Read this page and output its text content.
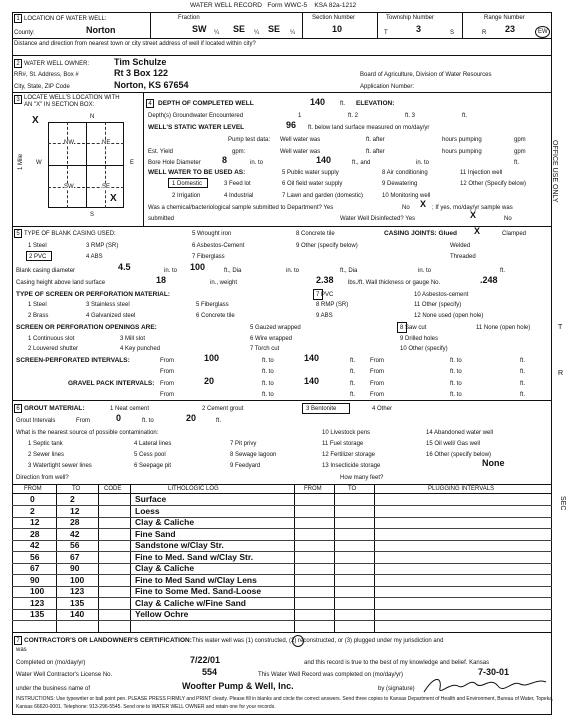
WATER WELL RECORD Form WWC-5 KSA 82a-1212
1 LOCATION OF WATER WELL:
County:	Norton
Fraction
SW ¼ SE ¼ SE ¼
Section Number
10
Township Number
T	3	S
Range Number
R 23	EW
Distance and direction from nearest town or city street address of well if located within city?
2 WATER WELL OWNER:	Tim Schulze
RR#, St. Address, Box #	Rt 3 Box 122
City, State, ZIP Code	Norton, KS 67654
Board of Agriculture, Division of Water Resources
Application Number:
3 LOCATE WELL'S LOCATION WITH
AN "X" IN SECTION BOX:
X	N
S
W	E
NW	NE
SW	SE
X
1 Mile
4 DEPTH OF COMPLETED WELL	140 ft. ELEVATION:
Depth(s) Groundwater Encountered	1	ft. 2	ft. 3	ft.
WELL'S STATIC WATER LEVEL	96 ft. below land surface measured on mo/day/yr
Pump test data: Well water was	ft. after	hours pumping	gpm
Est. Yield	gpm:	Well water was	ft. after	hours pumping	gpm
Bore Hole Diameter 8	in. to	140	ft., and	in. to	ft.
WELL WATER TO BE USED AS:
1 Domestic	3 Feed lot
5 Public water supply	8 Air conditioning	11 Injection well
2 Irrigation	4 Industrial
6 Oil field water supply
7 Lawn and garden (domestic)
9 Dewatering
10 Monitoring well
12 Other (Specify below)
Was a chemical/bacteriological sample submitted to Department? Yes	No X ; If yes, mo/day/yr sample was
submitted	Water Well Disinfected? Yes	X	No
5 TYPE OF BLANK CASING USED:
1 Steel
2 PVC
3 RMP (SR)
4 ABS
5 Wrought iron
6 Asbestos-Cement
7 Fiberglass
8 Concrete tile
9 Other (specify below)
CASING JOINTS: Glued X	Clamped
Welded
Threaded
Blank casing diameter	4.5	in. to 100	ft., Dia	in. to	ft., Dia	in. to	ft.
Casing height above land surface	18	in., weight	2.38 lbs./ft. Wall thickness or gauge No.	.248
TYPE OF SCREEN OR PERFORATION MATERIAL:	7 PVC	10 Asbestos-cement
1 Steel
2 Brass
3 Stainless steel
4 Galvanized steel
5 Fiberglass
6 Concrete tile
8 RMP (SR)
9 ABS
11 Other (specify)
12 None used (open hole)
SCREEN OR PERFORATION OPENINGS ARE:
1 Continuous slot
2 Louvered shutter
3 Mill slot
4 Key punched
5 Gauzed wrapped
6 Wire wrapped
7 Torch cut
8 Saw cut
9 Drilled holes
10 Other (specify)
11 None (open hole)
SCREEN-PERFORATED INTERVALS:	From	100	ft. to	140	ft. From	ft. to	ft.
From	ft. to	ft. From	ft. to	ft.
GRAVEL PACK INTERVALS: From	20	ft. to	140	ft. From	ft. to	ft.
From	ft. to	ft. From	ft. to	ft.
6 GROUT MATERIAL:	1 Neat cement	2 Cement grout	3 Bentonite	4 Other
Grout Intervals	From	0	ft. to	20	ft.
What is the nearest source of possible contamination:
1 Septic tank
2 Sewer lines
3 Watertight sewer lines
4 Lateral lines
5 Cess pool
6 Seepage pit
7 Pit privy
8 Sewage lagoon
9 Feedyard
10 Livestock pens
11 Fuel storage
12 Fertilizer storage
13 Insecticide storage
14 Abandoned water well
15 Oil well/ Gas well
16 Other (specify below)
None
Direction from well?	How many feet?
FROM	TO	CODE	LITHOLOGIC LOG	FROM	TO	PLUGGING INTERVALS
0	2	Surface
2	12	Loess
12	28	Clay & Caliche
28	42	Fine Sand
42	56	Sandstone w/Clay Str.
56	67	Fine to Med. Sand w/Clay Str.
67	90	Clay & Caliche
90	100	Fine to Med Sand w/Clay Lens
100	123	Fine to Some Med. Sand-Loose
123	135	Clay & Caliche w/Fine Sand
135	140	Yellow Ochre
7 CONTRACTOR'S OR LANDOWNER'S CERTIFICATION: This water well was (1) constructed, (2) reconstructed, or (3) plugged under my jurisdiction and
was
Completed on (mo/day/yr)	7/22/01	and this record is true to the best of my knowledge and belief. Kansas
Water Well Contractor's License No.	554	This Water Well Record was completed on (mo/day/yr)	7-30-01
under the business name of	Woofter Pump & Well, Inc.	by (signature)
INSTRUCTIONS: Use typewriter or ball point pen. PLEASE PRESS FIRMLY and PRINT clearly. Please fill in blanks and circle the correct answers. Send three copies to Kansas Department of Health and Environment, Bureau of Water, Topeka,
Kansas 66620-0001. Telephone: 913-296-5545. Send one to WATER WELL OWNER and retain one for your records.
OFFICE USE ONLY
T
R
SEC
